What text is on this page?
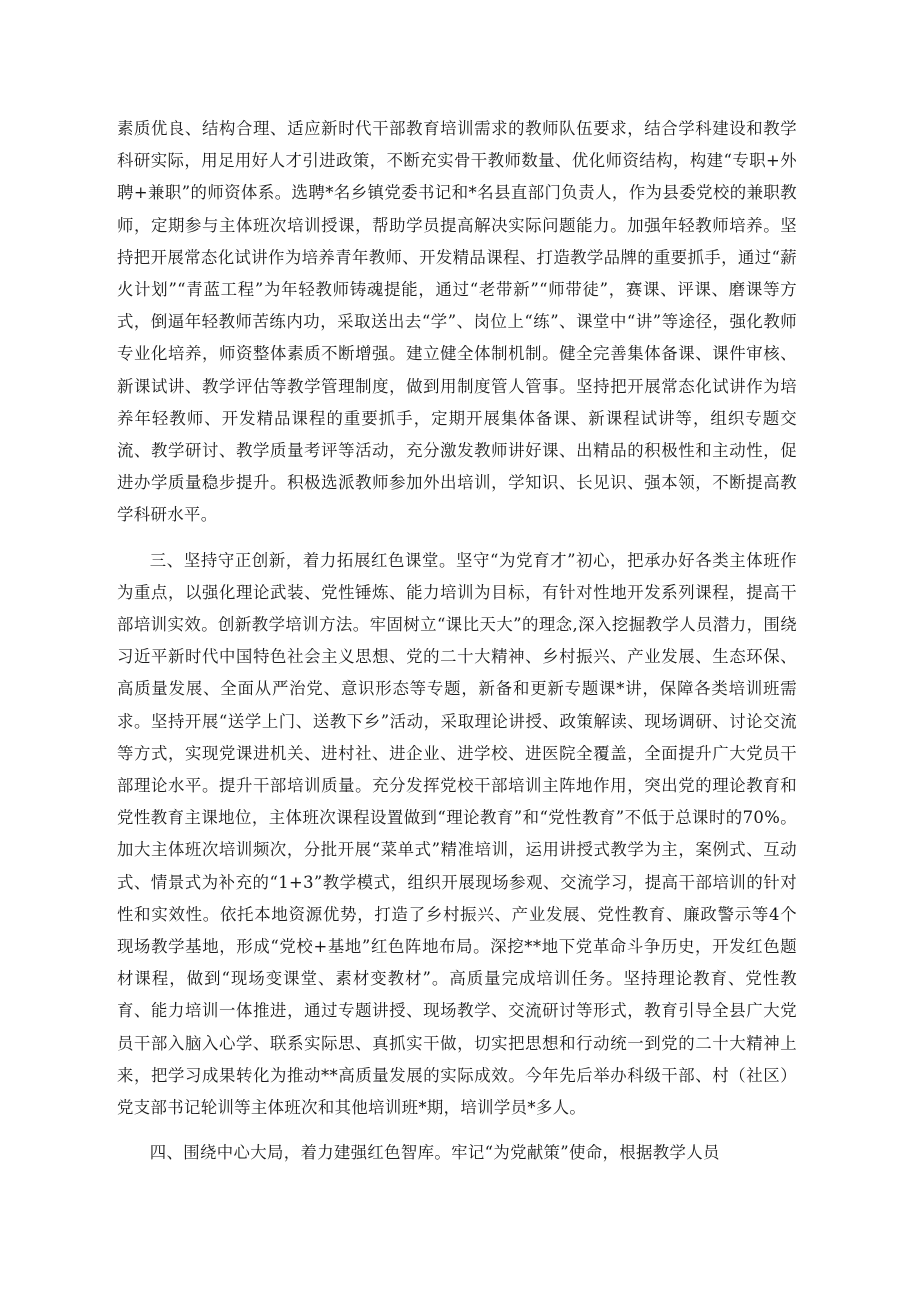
素质优良、结构合理、适应新时代干部教育培训需求的教师队伍要求，结合学科建设和教学科研实际，用足用好人才引进政策，不断充实骨干教师数量、优化师资结构，构建“专职+外聘+兼职”的师资体系。选聘*名乡镇党委书记和*名县直部门负责人，作为县委党校的兼职教师，定期参与主体班次培训授课，帮助学员提高解决实际问题能力。加强年轻教师培养。坚持把开展常态化试讲作为培养青年教师、开发精品课程、打造教学品牌的重要抓手，通过“薪火计划”“青蓝工程”为年轻教师铸魂提能，通过“老带新”“师带徒”，赛课、评课、磨课等方式，倒逼年轻教师苦练内功，采取送出去“学”、岗位上“练”、课堂中“讲”等途径，强化教师专业化培养，师资整体素质不断增强。建立健全体制机制。健全完善集体备课、课件审核、新课试讲、教学评估等教学管理制度，做到用制度管人管事。坚持把开展常态化试讲作为培养年轻教师、开发精品课程的重要抓手，定期开展集体备课、新课程试讲等，组织专题交流、教学研讨、教学质量考评等活动，充分激发教师讲好课、出精品的积极性和主动性，促进办学质量稳步提升。积极选派教师参加外出培训，学知识、长见识、强本领，不断提高教学科研水平。

三、坚持守正创新，着力拓展红色课堂。坚守“为党育才”初心，把承办好各类主体班作为重点，以强化理论武装、党性锤炼、能力培训为目标，有针对性地开发系列课程，提高干部培训实效。创新教学培训方法。牢固树立“课比天大”的理念,深入挖掘教学人员潜力，围绕习近平新时代中国特色社会主义思想、党的二十大精神、乡村振兴、产业发展、生态环保、高质量发展、全面从严治党、意识形态等专题，新备和更新专题课*讲，保障各类培训班需求。坚持开展“送学上门、送教下乡”活动，采取理论讲授、政策解读、现场调研、讨论交流等方式，实现党课进机关、进村社、进企业、进学校、进医院全覆盖，全面提升广大党员干部理论水平。提升干部培训质量。充分发挥党校干部培训主阵地作用，突出党的理论教育和党性教育主课地位，主体班次课程设置做到“理论教育”和“党性教育”不低于总课时的70%。加大主体班次培训频次，分批开展“菜单式”精准培训，运用讲授式教学为主，案例式、互动式、情景式为补充的“1+3”教学模式，组织开展现场参观、交流学习，提高干部培训的针对性和实效性。依托本地资源优势，打造了乡村振兴、产业发展、党性教育、廉政警示等4个现场教学基地，形成“党校+基地”红色阵地布局。深挖**地下党革命斗争历史，开发红色题材课程，做到“现场变课堂、素材变教材”。高质量完成培训任务。坚持理论教育、党性教育、能力培训一体推进，通过专题讲授、现场教学、交流研讨等形式，教育引导全县广大党员干部入脑入心学、联系实际思、真抓实干做，切实把思想和行动统一到党的二十大精神上来，把学习成果转化为推动**高质量发展的实际成效。今年先后举办科级干部、村（社区）党支部书记轮训等主体班次和其他培训班*期，培训学员*多人。

四、围绕中心大局，着力建强红色智库。牢记“为党献策”使命，根据教学人员
